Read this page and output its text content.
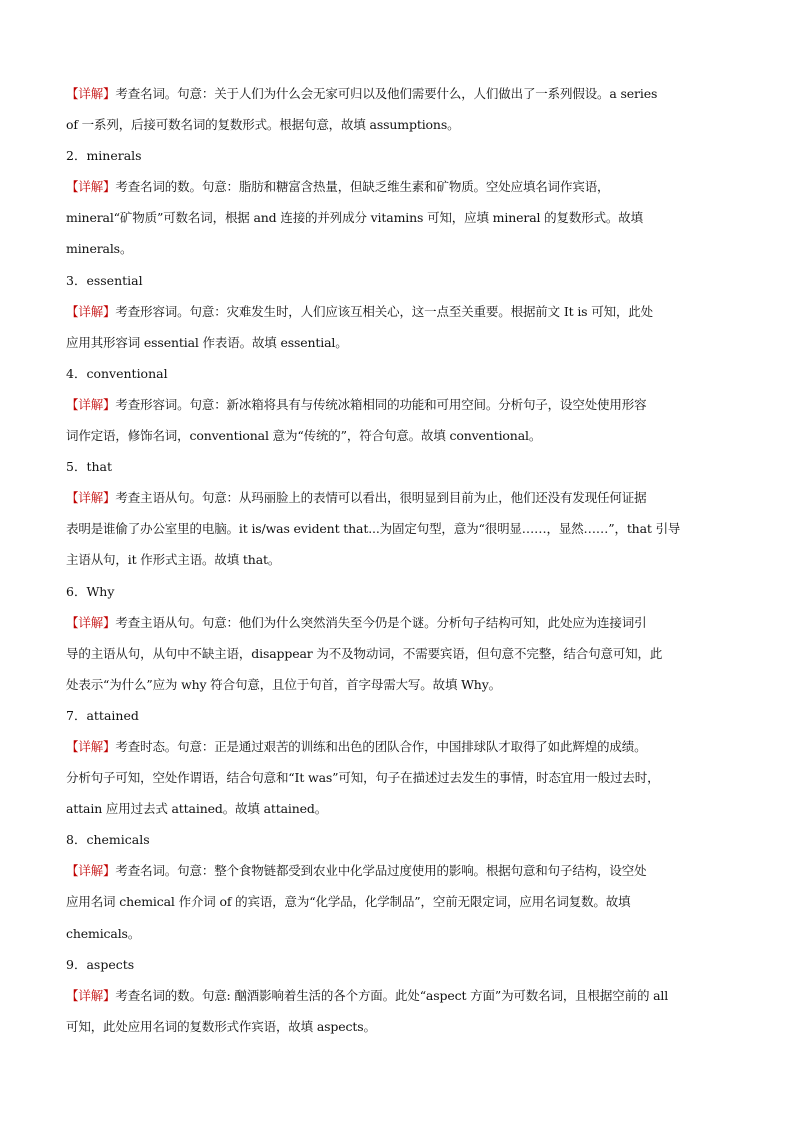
【详解】考查名词。句意：关于人们为什么会无家可归以及他们需要什么，人们做出了一系列假设。a series
of 一系列，后接可数名词的复数形式。根据句意，故填 assumptions。
2．minerals
【详解】考查名词的数。句意：脂肪和糖富含热量，但缺乏维生素和矿物质。空处应填名词作宾语，
mineral“矿物质”可数名词，根据 and 连接的并列成分 vitamins 可知，应填 mineral 的复数形式。故填
minerals。
3．essential
【详解】考查形容词。句意：灾难发生时，人们应该互相关心，这一点至关重要。根据前文 It is 可知，此处
应用其形容词 essential 作表语。故填 essential。
4．conventional
【详解】考查形容词。句意：新冰箱将具有与传统冰箱相同的功能和可用空间。分析句子，设空处使用形容
词作定语，修饰名词，conventional 意为“传统的”，符合句意。故填 conventional。
5．that
【详解】考查主语从句。句意：从玛丽脸上的表情可以看出，很明显到目前为止，他们还没有发现任何证据
表明是谁偷了办公室里的电脑。it is/was evident that...为固定句型，意为“很明显……，显然……”，that 引导
主语从句，it 作形式主语。故填 that。
6．Why
【详解】考查主语从句。句意：他们为什么突然消失至今仍是个谜。分析句子结构可知，此处应为连接词引
导的主语从句，从句中不缺主语，disappear 为不及物动词，不需要宾语，但句意不完整，结合句意可知，此
处表示“为什么”应为 why 符合句意，且位于句首，首字母需大写。故填 Why。
7．attained
【详解】考查时态。句意：正是通过艰苦的训练和出色的团队合作，中国排球队才取得了如此辉煌的成绩。
分析句子可知，空处作谓语，结合句意和“It was”可知，句子在描述过去发生的事情，时态宜用一般过去时，
attain 应用过去式 attained。故填 attained。
8．chemicals
【详解】考查名词。句意：整个食物链都受到农业中化学品过度使用的影响。根据句意和句子结构，设空处
应用名词 chemical 作介词 of 的宾语，意为“化学品，化学制品”，空前无限定词，应用名词复数。故填
chemicals。
9．aspects
【详解】考查名词的数。句意: 酗酒影响着生活的各个方面。此处“aspect 方面”为可数名词，且根据空前的 all
可知，此处应用名词的复数形式作宾语，故填 aspects。
